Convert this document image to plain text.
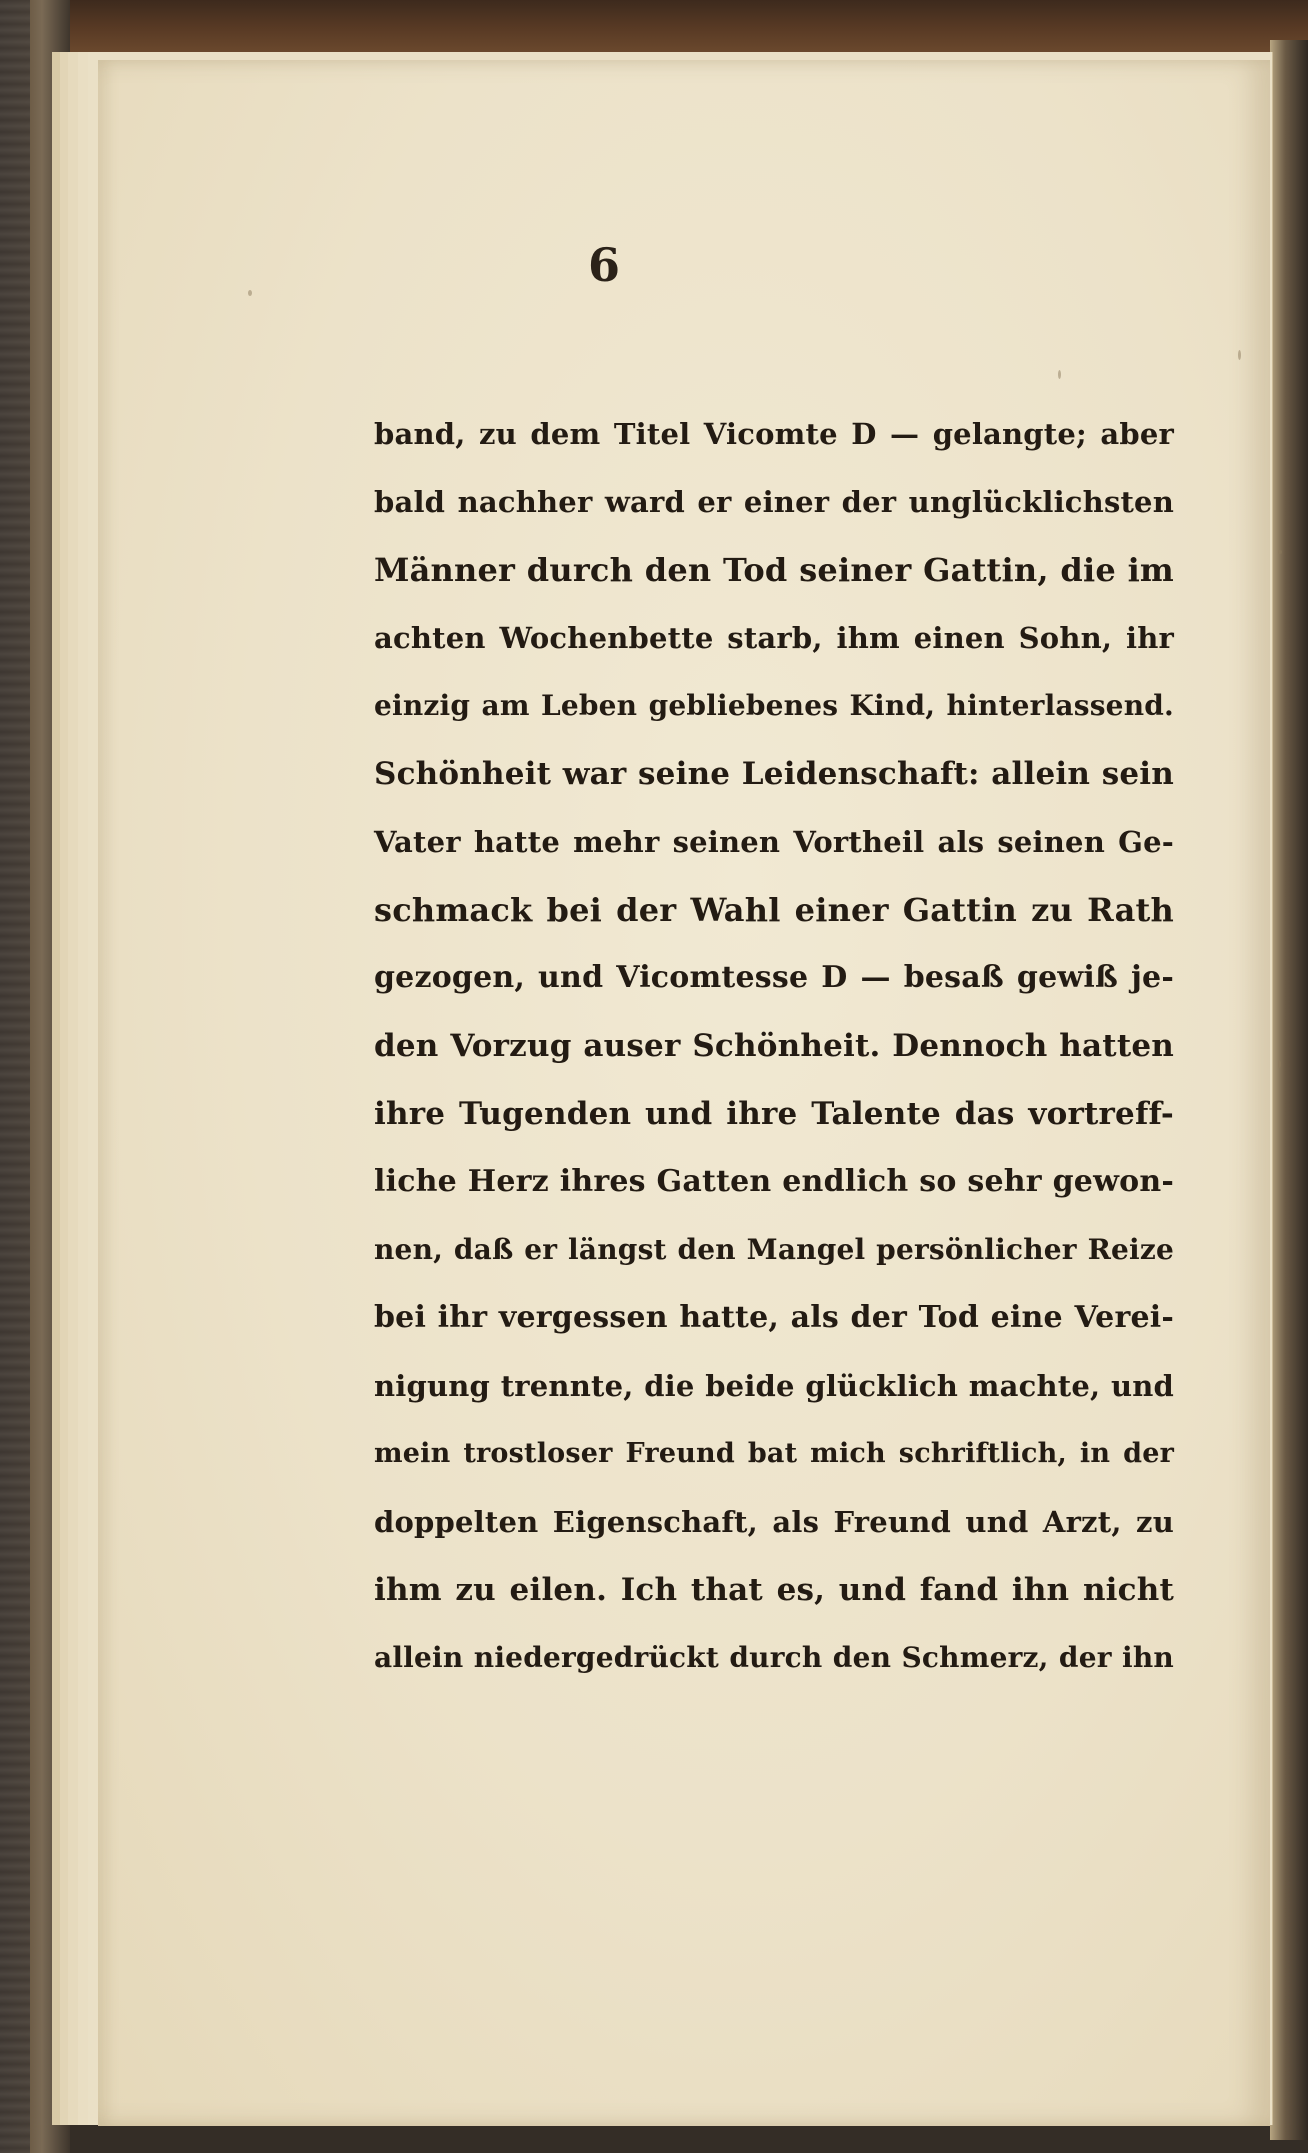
6
band, zu dem Titel Vicomte D — gelangte; aber
bald nachher ward er einer der unglücklichsten
Männer durch den Tod seiner Gattin, die im
achten Wochenbette starb, ihm einen Sohn, ihr
einzig am Leben gebliebenes Kind, hinterlassend.
Schönheit war seine Leidenschaft: allein sein
Vater hatte mehr seinen Vortheil als seinen Ge-
schmack bei der Wahl einer Gattin zu Rath
gezogen, und Vicomtesse D — besaß gewiß je-
den Vorzug auser Schönheit. Dennoch hatten
ihre Tugenden und ihre Talente das vortreff-
liche Herz ihres Gatten endlich so sehr gewon-
nen, daß er längst den Mangel persönlicher Reize
bei ihr vergessen hatte, als der Tod eine Verei-
nigung trennte, die beide glücklich machte, und
mein trostloser Freund bat mich schriftlich, in der
doppelten Eigenschaft, als Freund und Arzt, zu
ihm zu eilen. Ich that es, und fand ihn nicht
allein niedergedrückt durch den Schmerz, der ihn
